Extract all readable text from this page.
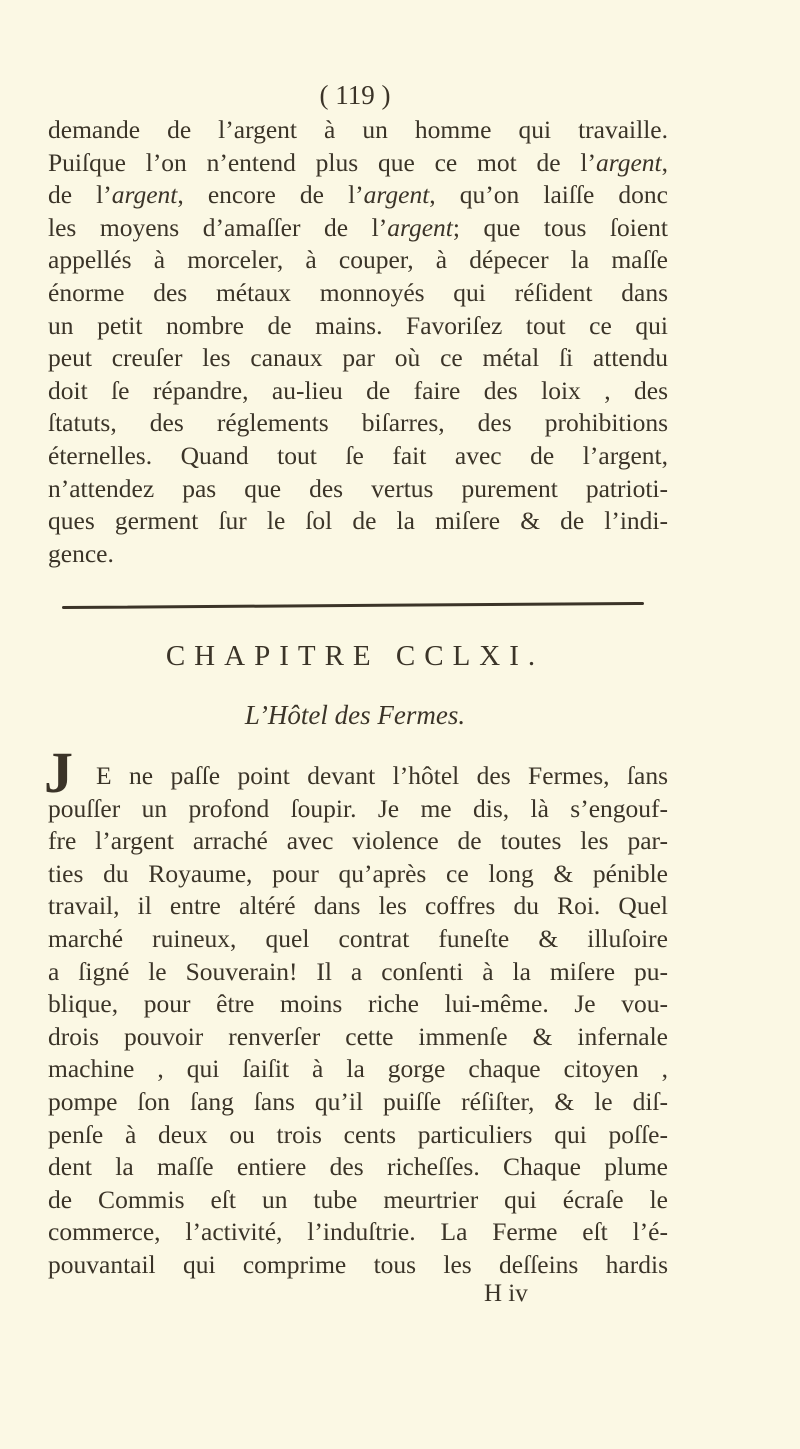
( 119 )
demande de l’argent à un homme qui travaille.
Puiſque l’on n’entend plus que ce mot de l’argent,
de l’argent, encore de l’argent, qu’on laiſſe donc
les moyens d’amaſſer de l’argent; que tous ſoient
appellés à morceler, à couper, à dépecer la maſſe
énorme des métaux monnoyés qui réſident dans
un petit nombre de mains. Favoriſez tout ce qui
peut creuſer les canaux par où ce métal ſi attendu
doit ſe répandre, au-lieu de faire des loix , des
ſtatuts, des réglements biſarres, des prohibitions
éternelles. Quand tout ſe fait avec de l’argent,
n’attendez pas que des vertus purement patrioti-
ques germent ſur le ſol de la miſere & de l’indi-
gence.
CHAPITRE CCLXI.
L’Hôtel des Fermes.
J E ne paſſe point devant l’hôtel des Fermes, ſans
pouſſer un profond ſoupir. Je me dis, là s’engouf-
fre l’argent arraché avec violence de toutes les par-
ties du Royaume, pour qu’après ce long & pénible
travail, il entre altéré dans les coffres du Roi. Quel
marché ruineux, quel contrat funeſte & illuſoire
a ſigné le Souverain! Il a conſenti à la miſere pu-
blique, pour être moins riche lui-même. Je vou-
drois pouvoir renverſer cette immenſe & infernale
machine , qui ſaiſit à la gorge chaque citoyen ,
pompe ſon ſang ſans qu’il puiſſe réſiſter, & le diſ-
penſe à deux ou trois cents particuliers qui poſſe-
dent la maſſe entiere des richeſſes. Chaque plume
de Commis eſt un tube meurtrier qui écraſe le
commerce, l’activité, l’induſtrie. La Ferme eſt l’é-
pouvantail qui comprime tous les deſſeins hardis
H iv
